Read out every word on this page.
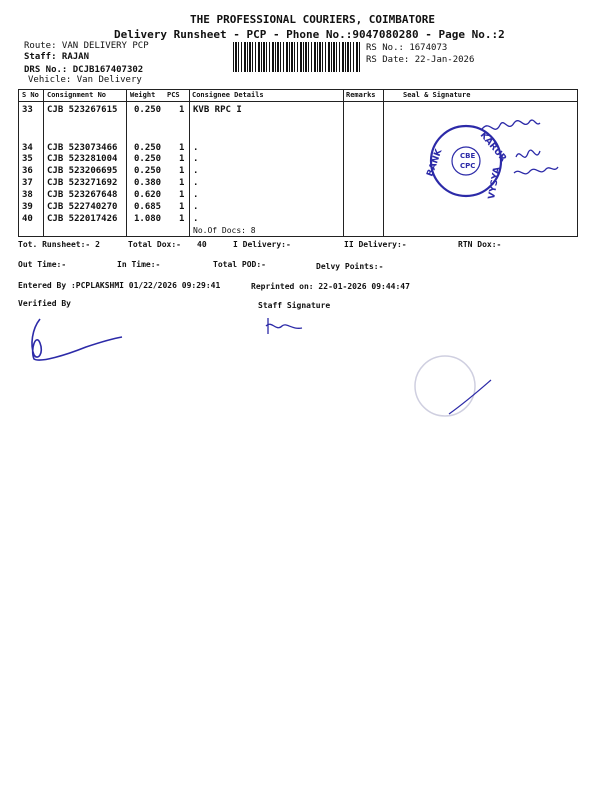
THE PROFESSIONAL COURIERS, COIMBATORE
Delivery Runsheet - PCP - Phone No.:9047080280 - Page No.:2
Route: VAN DELIVERY PCP
Staff: RAJAN
DRS No.: DCJB167407302
Vehicle: Van Delivery
RS No.: 1674073
RS Date: 22-Jan-2026
S No Consignment No	Weight PCS Consignee Details	Remarks	Seal & Signature
33 CJB 523267615 0.250 1 KVB RPC I
34 CJB 523073466 0.250 1 .
35 CJB 523281004 0.250 1 .
36 CJB 523206695 0.250 1 .
37 CJB 523271692 0.380 1 .
38 CJB 523267648 0.620 1 .
39 CJB 522740270 0.685 1 .
40 CJB 522017426 1.080 1 .
No.Of Docs: 8
CBE
CPC
BANK
VYSYA
KARUR
Tot. Runsheet:- 2	Total Dox:- 40	I Delivery:-	II Delivery:-	RTN Dox:-
Out Time:-	In Time:-	Total POD:-	Delvy Points:-
Entered By :PCPLAKSHMI 01/22/2026 09:29:41	Reprinted on: 22-01-2026 09:44:47
Verified By	Staff Signature
